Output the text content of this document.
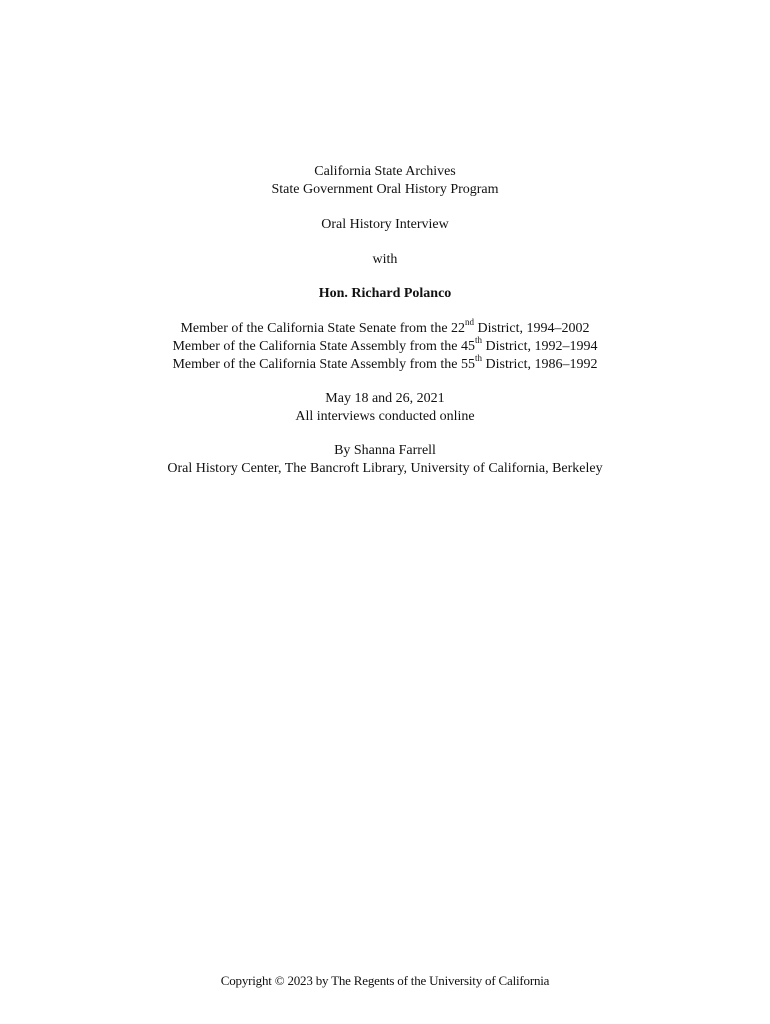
California State Archives
State Government Oral History Program
Oral History Interview
with
Hon. Richard Polanco
Member of the California State Senate from the 22nd District, 1994–2002
Member of the California State Assembly from the 45th District, 1992–1994
Member of the California State Assembly from the 55th District, 1986–1992
May 18 and 26, 2021
All interviews conducted online
By Shanna Farrell
Oral History Center, The Bancroft Library, University of California, Berkeley
Copyright © 2023 by The Regents of the University of California
